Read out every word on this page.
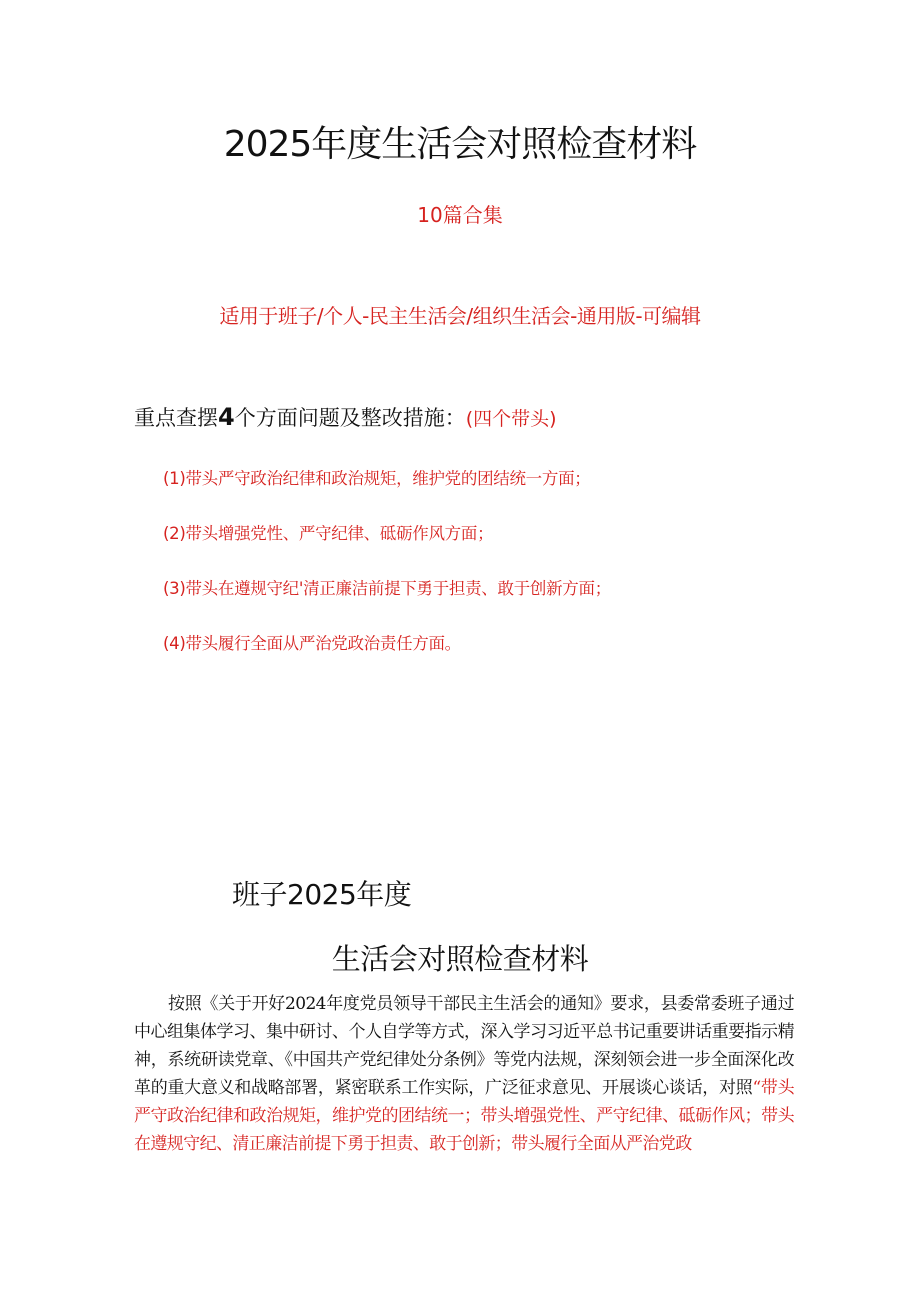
2025年度生活会对照检查材料
10篇合集
适用于班子/个人-民主生活会/组织生活会-通用版-可编辑
重点查摆4个方面问题及整改措施：(四个带头)
(1)带头严守政治纪律和政治规矩，维护党的团结统一方面；
(2)带头增强党性、严守纪律、砥砺作风方面；
(3)带头在遵规守纪'清正廉洁前提下勇于担责、敢于创新方面；
(4)带头履行全面从严治党政治责任方面。
班子2025年度
生活会对照检查材料

按照《关于开好2024年度党员领导干部民主生活会的通知》要求，县委常委班子通过中心组集体学习、集中研讨、个人自学等方式，深入学习习近平总书记重要讲话重要指示精神，系统研读党章、《中国共产党纪律处分条例》等党内法规，深刻领会进一步全面深化改革的重大意义和战略部署，紧密联系工作实际，广泛征求意见、开展谈心谈话，对照“带头严守政治纪律和政治规矩，维护党的团结统一；带头增强党性、严守纪律、砥砺作风；带头在遵规守纪、清正廉洁前提下勇于担责、敢于创新；带头履行全面从严治党政
